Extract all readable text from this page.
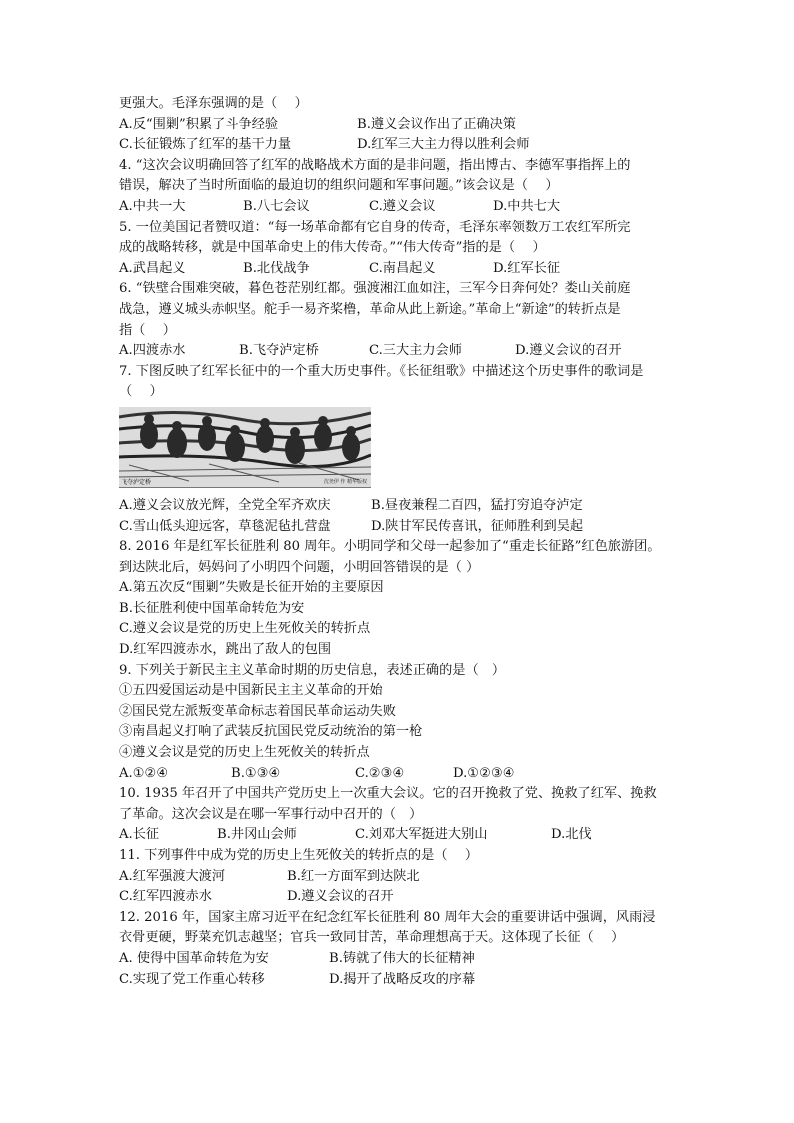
更强大。毛泽东强调的是（　 ）

A.反“围剿”积累了斗争经验	B.遵义会议作出了正确决策
C.长征锻炼了红军的基干力量	D.红军三大主力得以胜利会师

4. “这次会议明确回答了红军的战略战术方面的是非问题，指出博古、李德军事指挥上的

错误，解决了当时所面临的最迫切的组织问题和军事问题。”该会议是（　 ）

A.中共一大	B.八七会议	C.遵义会议	D.中共七大

5. 一位美国记者赞叹道：“每一场革命都有它自身的传奇，毛泽东率领数万工农红军所完

成的战略转移，就是中国革命史上的伟大传奇。”“伟大传奇”指的是（　 ）

A.武昌起义	B.北伐战争	C.南昌起义	D.红军长征

6. “铁壁合围难突破，暮色苍茫别红都。强渡湘江血如注，三军今日奔何处？娄山关前庭

战急，遵义城头赤帜坚。舵手一易齐桨橹，革命从此上新途。”革命上“新途”的转折点是

指（　 ）

A.四渡赤水	B.飞夺泸定桥	C.三大主力会师	D.遵义会议的召开

7. 下图反映了红军长征中的一个重大历史事件。《长征组歌》中描述这个历史事件的歌词是

（　 ）

飞夺泸定桥	沈尧伊 作 精华版权
A.遵义会议放光辉，全党全军齐欢庆	B.昼夜兼程二百四，猛打穷追夺泸定
C.雪山低头迎远客，草毯泥毡扎营盘	D.陕甘军民传喜讯，征师胜利到吴起

8. 2016 年是红军长征胜利 80 周年。小明同学和父母一起参加了“重走长征路”红色旅游团。

到达陕北后，妈妈问了小明四个问题，小明回答错误的是（ ）

A.第五次反“围剿”失败是长征开始的主要原因

B.长征胜利使中国革命转危为安

C.遵义会议是党的历史上生死攸关的转折点

D.红军四渡赤水，跳出了敌人的包围

9. 下列关于新民主主义革命时期的历史信息，表述正确的是（　）

①五四爱国运动是中国新民主主义革命的开始

②国民党左派叛变革命标志着国民革命运动失败

③南昌起义打响了武装反抗国民党反动统治的第一枪

④遵义会议是党的历史上生死攸关的转折点

A.①②④	B.①③④	C.②③④	D.①②③④

10. 1935 年召开了中国共产党历史上一次重大会议。它的召开挽救了党、挽救了红军、挽救

了革命。这次会议是在哪一军事行动中召开的（　）

A.长征	B.井冈山会师	C.刘邓大军挺进大别山	D.北伐

11. 下列事件中成为党的历史上生死攸关的转折点的是（　 ）

A.红军强渡大渡河	B.红一方面军到达陕北
C.红军四渡赤水	D.遵义会议的召开

12. 2016 年，国家主席习近平在纪念红军长征胜利 80 周年大会的重要讲话中强调，风雨浸

衣骨更硬，野菜充饥志越坚；官兵一致同甘苦，革命理想高于天。这体现了长征（　 ）

A. 使得中国革命转危为安	B.铸就了伟大的长征精神
C.实现了党工作重心转移	D.揭开了战略反攻的序幕
